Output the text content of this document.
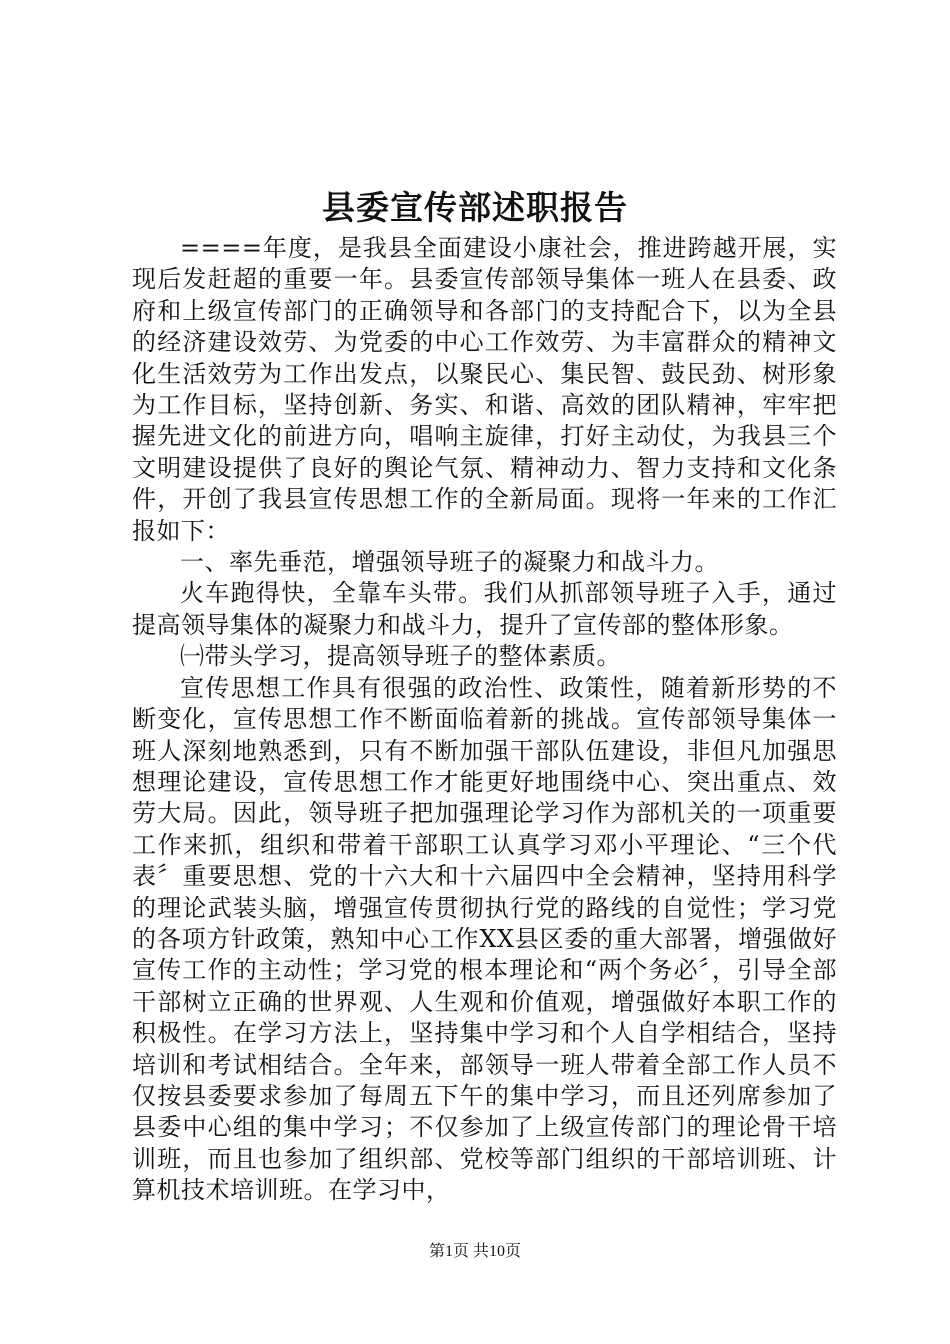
县委宣传部述职报告

====年度，是我县全面建设小康社会，推进跨越开展，实现后发赶超的重要一年。县委宣传部领导集体一班人在县委、政府和上级宣传部门的正确领导和各部门的支持配合下，以为全县的经济建设效劳、为党委的中心工作效劳、为丰富群众的精神文化生活效劳为工作出发点，以聚民心、集民智、鼓民劲、树形象为工作目标，坚持创新、务实、和谐、高效的团队精神，牢牢把握先进文化的前进方向，唱响主旋律，打好主动仗，为我县三个文明建设提供了良好的舆论气氛、精神动力、智力支持和文化条件，开创了我县宣传思想工作的全新局面。现将一年来的工作汇报如下：

一、率先垂范，增强领导班子的凝聚力和战斗力。

火车跑得快，全靠车头带。我们从抓部领导班子入手，通过提高领导集体的凝聚力和战斗力，提升了宣传部的整体形象。

㈠带头学习，提高领导班子的整体素质。

宣传思想工作具有很强的政治性、政策性，随着新形势的不断变化，宣传思想工作不断面临着新的挑战。宣传部领导集体一班人深刻地熟悉到，只有不断加强干部队伍建设，非但凡加强思想理论建设，宣传思想工作才能更好地围绕中心、突出重点、效劳大局。因此，领导班子把加强理论学习作为部机关的一项重要工作来抓，组织和带着干部职工认真学习邓小平理论、“三个代表〞重要思想、党的十六大和十六届四中全会精神，坚持用科学的理论武装头脑，增强宣传贯彻执行党的路线的自觉性；学习党的各项方针政策，熟知中心工作XX县区委的重大部署，增强做好宣传工作的主动性；学习党的根本理论和“两个务必〞，引导全部干部树立正确的世界观、人生观和价值观，增强做好本职工作的积极性。在学习方法上，坚持集中学习和个人自学相结合，坚持培训和考试相结合。全年来，部领导一班人带着全部工作人员不仅按县委要求参加了每周五下午的集中学习，而且还列席参加了县委中心组的集中学习；不仅参加了上级宣传部门的理论骨干培训班，而且也参加了组织部、党校等部门组织的干部培训班、计算机技术培训班。在学习中，

第1页 共10页
